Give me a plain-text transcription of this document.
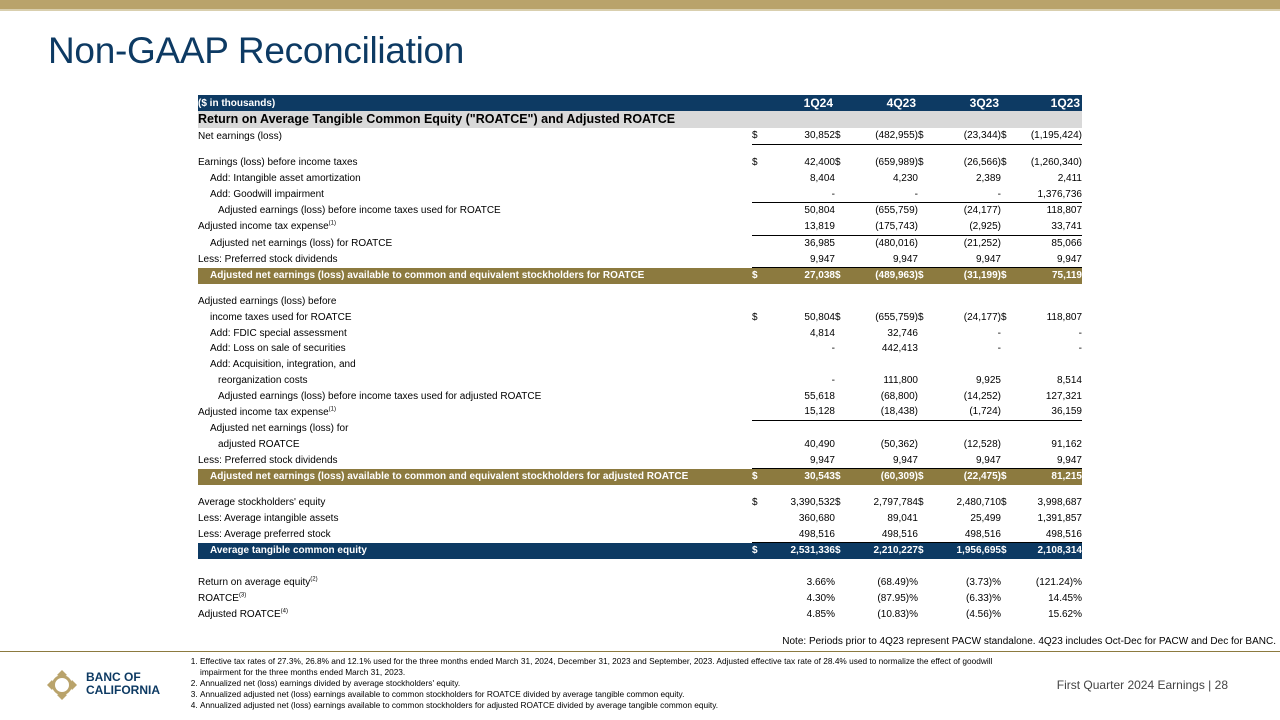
Non-GAAP Reconciliation
($ in thousands)		1Q24		4Q23		3Q23		1Q23
Return on Average Tangible Common Equity ("ROATCE") and Adjusted ROATCE								
Net earnings (loss)	$	30,852	$	(482,955)	$	(23,344)	$	(1,195,424)

Earnings (loss) before income taxes	$	42,400	$	(659,989)	$	(26,566)	$	(1,260,340)
Add: Intangible asset amortization		8,404		4,230		2,389		2,411
Add: Goodwill impairment		-		-		-		1,376,736
Adjusted earnings (loss) before income taxes used for ROATCE		50,804		(655,759)		(24,177)		118,807
Adjusted income tax expense$^{(1)}$		13,819		(175,743)		(2,925)		33,741
Adjusted net earnings (loss) for ROATCE		36,985		(480,016)		(21,252)		85,066
Less: Preferred stock dividends		9,947		9,947		9,947		9,947
Adjusted net earnings (loss) available to common and equivalent stockholders for ROATCE	$	27,038	$	(489,963)	$	(31,199)	$	75,119

Adjusted earnings (loss) before								
income taxes used for ROATCE	$	50,804	$	(655,759)	$	(24,177)	$	118,807
Add: FDIC special assessment		4,814		32,746		-		-
Add: Loss on sale of securities		-		442,413		-		-
Add: Acquisition, integration, and								
reorganization costs		-		111,800		9,925		8,514
Adjusted earnings (loss) before income taxes used for adjusted ROATCE		55,618		(68,800)		(14,252)		127,321
Adjusted income tax expense$^{(1)}$		15,128		(18,438)		(1,724)		36,159
Adjusted net earnings (loss) for								
adjusted ROATCE		40,490		(50,362)		(12,528)		91,162
Less: Preferred stock dividends		9,947		9,947		9,947		9,947
Adjusted net earnings (loss) available to common and equivalent stockholders for adjusted ROATCE	$	30,543	$	(60,309)	$	(22,475)	$	81,215

Average stockholders' equity	$	3,390,532	$	2,797,784	$	2,480,710	$	3,998,687
Less: Average intangible assets		360,680		89,041		25,499		1,391,857
Less: Average preferred stock		498,516		498,516		498,516		498,516
Average tangible common equity	$	2,531,336	$	2,210,227	$	1,956,695	$	2,108,314

Return on average equity$^{(2)}$		3.66%		(68.49)%		(3.73)%		(121.24)%
ROATCE$^{(3)}$		4.30%		(87.95)%		(6.33)%		14.45%
Adjusted ROATCE$^{(4)}$		4.85%		(10.83)%		(4.56)%		15.62%
Note: Periods prior to 4Q23 represent PACW standalone. 4Q23 includes Oct-Dec for PACW and Dec for BANC.
1. Effective tax rates of 27.3%, 26.8% and 12.1% used for the three months ended March 31, 2024, December 31, 2023 and September, 2023. Adjusted effective tax rate of 28.4% used to normalize the effect of goodwill impairment for the three months ended March 31, 2023.
2. Annualized net (loss) earnings divided by average stockholders' equity.
3. Annualized adjusted net (loss) earnings available to common stockholders for ROATCE divided by average tangible common equity.
4. Annualized adjusted net (loss) earnings available to common stockholders for adjusted ROATCE divided by average tangible common equity.
BANC OF
CALIFORNIA	First Quarter 2024 Earnings | 28
